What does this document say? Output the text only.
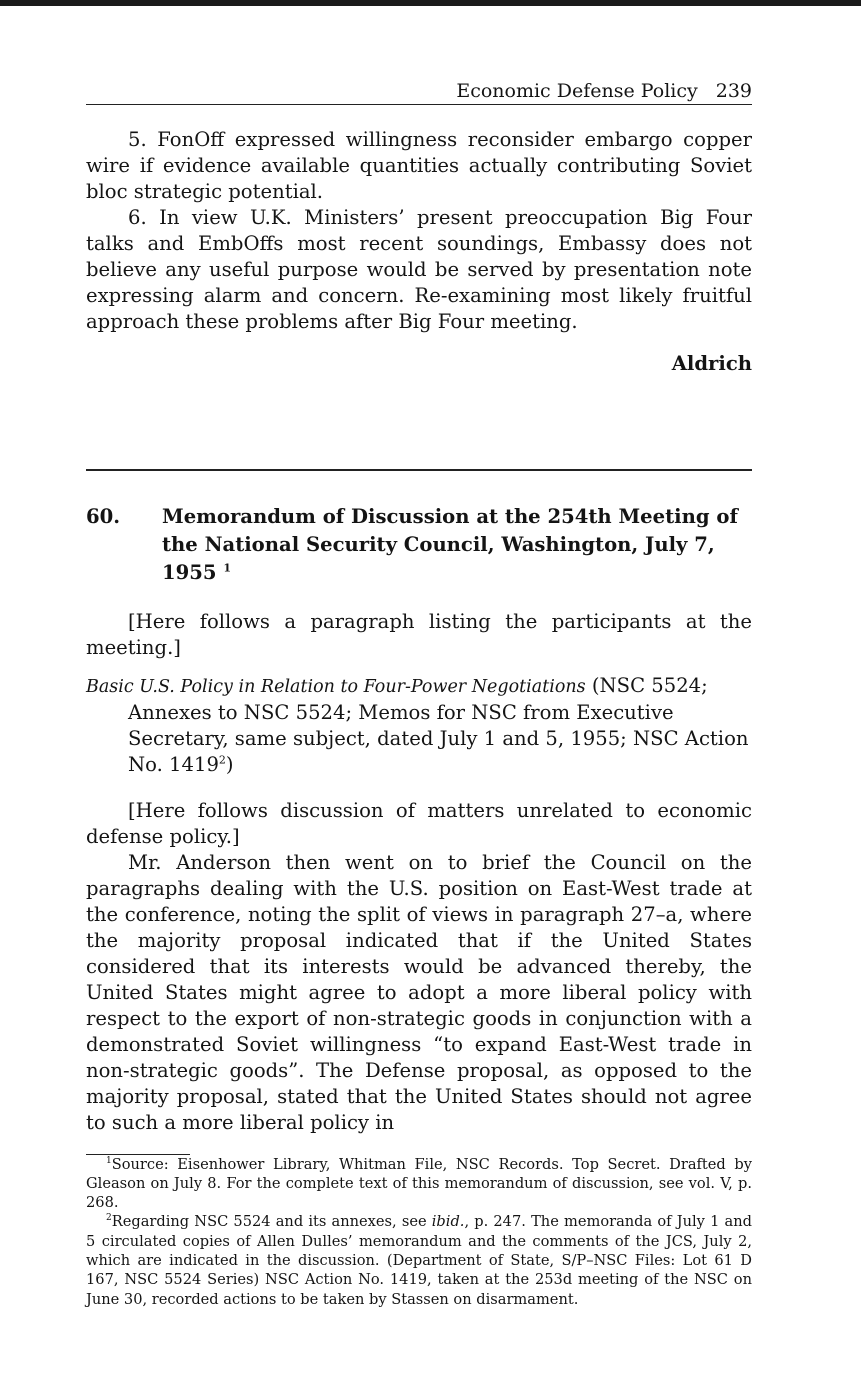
Economic Defense Policy 239

5. FonOff expressed willingness reconsider embargo copper wire if evidence available quantities actually contributing Soviet bloc strategic potential.

6. In view U.K. Ministers’ present preoccupation Big Four talks and EmbOffs most recent soundings, Embassy does not believe any useful purpose would be served by presentation note expressing alarm and concern. Re-examining most likely fruitful approach these problems after Big Four meeting.

Aldrich
60.	Memorandum of Discussion at the 254th Meeting of the National Security Council, Washington, July 7, 1955 $^1$

[Here follows a paragraph listing the participants at the meeting.]

Basic U.S. Policy in Relation to Four-Power Negotiations (NSC 5524; Annexes to NSC 5524; Memos for NSC from Executive Secretary, same subject, dated July 1 and 5, 1955; NSC Action No. 1419$^2$)

[Here follows discussion of matters unrelated to economic defense policy.]

Mr. Anderson then went on to brief the Council on the paragraphs dealing with the U.S. position on East-West trade at the conference, noting the split of views in paragraph 27–a, where the majority proposal indicated that if the United States considered that its interests would be advanced thereby, the United States might agree to adopt a more liberal policy with respect to the export of non-strategic goods in conjunction with a demonstrated Soviet willingness “to expand East-West trade in non-strategic goods”. The Defense proposal, as opposed to the majority proposal, stated that the United States should not agree to such a more liberal policy in

$^1$Source: Eisenhower Library, Whitman File, NSC Records. Top Secret. Drafted by Gleason on July 8. For the complete text of this memorandum of discussion, see vol. V, p. 268.

$^2$Regarding NSC 5524 and its annexes, see ibid., p. 247. The memoranda of July 1 and 5 circulated copies of Allen Dulles’ memorandum and the comments of the JCS, July 2, which are indicated in the discussion. (Department of State, S/P–NSC Files: Lot 61 D 167, NSC 5524 Series) NSC Action No. 1419, taken at the 253d meeting of the NSC on June 30, recorded actions to be taken by Stassen on disarmament.
